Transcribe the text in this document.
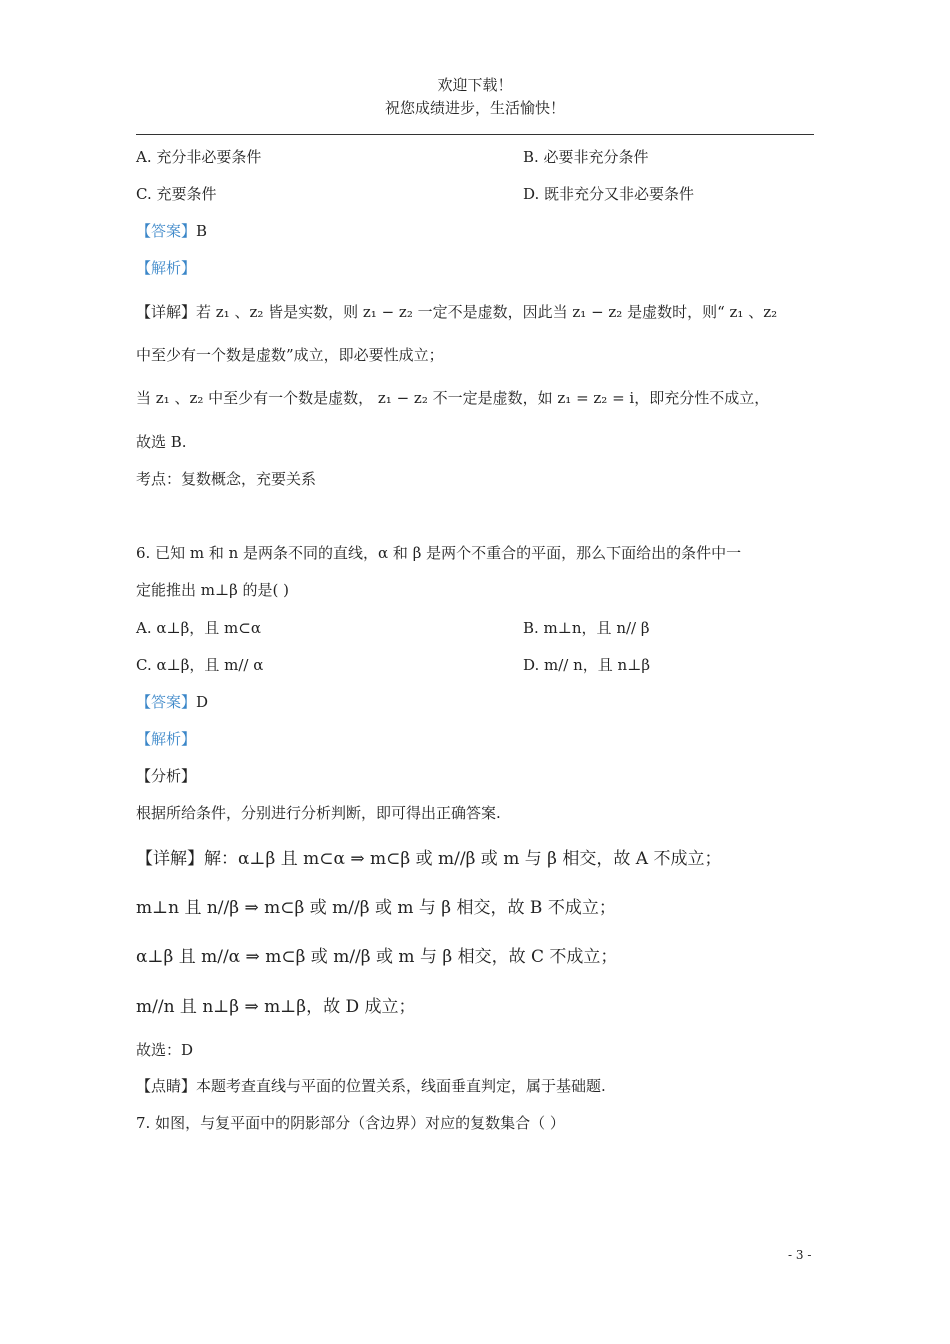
欢迎下载！
祝您成绩进步，生活愉快！
A. 充分非必要条件	B. 必要非充分条件
C. 充要条件	D. 既非充分又非必要条件
【答案】B
【解析】
【详解】若 z₁ 、z₂ 皆是实数，则 z₁ − z₂ 一定不是虚数，因此当 z₁ − z₂ 是虚数时，则“ z₁ 、z₂
中至少有一个数是虚数”成立，即必要性成立；
当 z₁ 、z₂ 中至少有一个数是虚数， z₁ − z₂ 不一定是虚数，如 z₁ = z₂ = i，即充分性不成立，
故选 B.
考点：复数概念，充要关系
6. 已知 m 和 n 是两条不同的直线，α 和 β 是两个不重合的平面，那么下面给出的条件中一
定能推出 m⊥β 的是( )
A. α⊥β，且 m⊂α	B. m⊥n，且 n// β
C. α⊥β，且 m// α	D. m// n，且 n⊥β
【答案】D
【解析】
【分析】
根据所给条件，分别进行分析判断，即可得出正确答案.
【详解】解：α⊥β 且 m⊂α ⇒ m⊂β 或 m//β 或 m 与 β 相交，故 A 不成立；
m⊥n 且 n//β ⇒ m⊂β 或 m//β 或 m 与 β 相交，故 B 不成立；
α⊥β 且 m//α ⇒ m⊂β 或 m//β 或 m 与 β 相交，故 C 不成立；
m//n 且 n⊥β ⇒ m⊥β，故 D 成立；
故选：D
【点睛】本题考查直线与平面的位置关系，线面垂直判定，属于基础题.
7. 如图，与复平面中的阴影部分（含边界）对应的复数集合（ ）
- 3 -
